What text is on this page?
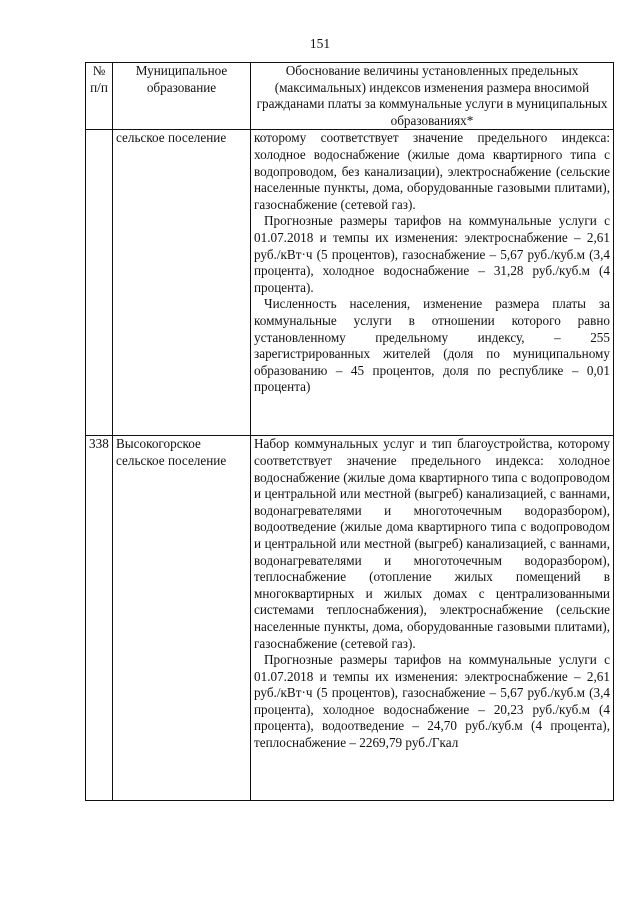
151
№ п/п	Муниципальное образование	Обоснование величины установленных предельных (максимальных) индексов изменения размера вносимой гражданами платы за коммунальные услуги в муниципальных образованиях*
	сельское поселение	которому соответствует значение предельного индекса: холодное водоснабжение (жилые дома квартирного типа с водопроводом, без канализации), электроснабжение (сельские населенные пункты, дома, оборудованные газовыми плитами), газоснабжение (сетевой газ).

Прогнозные размеры тарифов на коммунальные услуги с 01.07.2018 и темпы их изменения: электроснабжение – 2,61 руб./кВт·ч (5 процентов), газоснабжение – 5,67 руб./куб.м (3,4 процента), холодное водоснабжение – 31,28 руб./куб.м (4 процента).

Численность населения, изменение размера платы за коммунальные услуги в отношении которого равно установленному предельному индексу, – 255 зарегистрированных жителей (доля по муниципальному образованию – 45 процентов, доля по республике – 0,01 процента)

338	Высокогорское сельское поселение	Набор коммунальных услуг и тип благоустройства, которому соответствует значение предельного индекса: холодное водоснабжение (жилые дома квартирного типа с водопроводом и центральной или местной (выгреб) канализацией, с ваннами, водонагревателями и многоточечным водоразбором), водоотведение (жилые дома квартирного типа с водопроводом и центральной или местной (выгреб) канализацией, с ваннами, водонагревателями и многоточечным водоразбором), теплоснабжение (отопление жилых помещений в многоквартирных и жилых домах с централизованными системами теплоснабжения), электроснабжение (сельские населенные пункты, дома, оборудованные газовыми плитами), газоснабжение (сетевой газ).

Прогнозные размеры тарифов на коммунальные услуги с 01.07.2018 и темпы их изменения: электроснабжение – 2,61 руб./кВт·ч (5 процентов), газоснабжение – 5,67 руб./куб.м (3,4 процента), холодное водоснабжение – 20,23 руб./куб.м (4 процента), водоотведение – 24,70 руб./куб.м (4 процента), теплоснабжение – 2269,79 руб./Гкал
